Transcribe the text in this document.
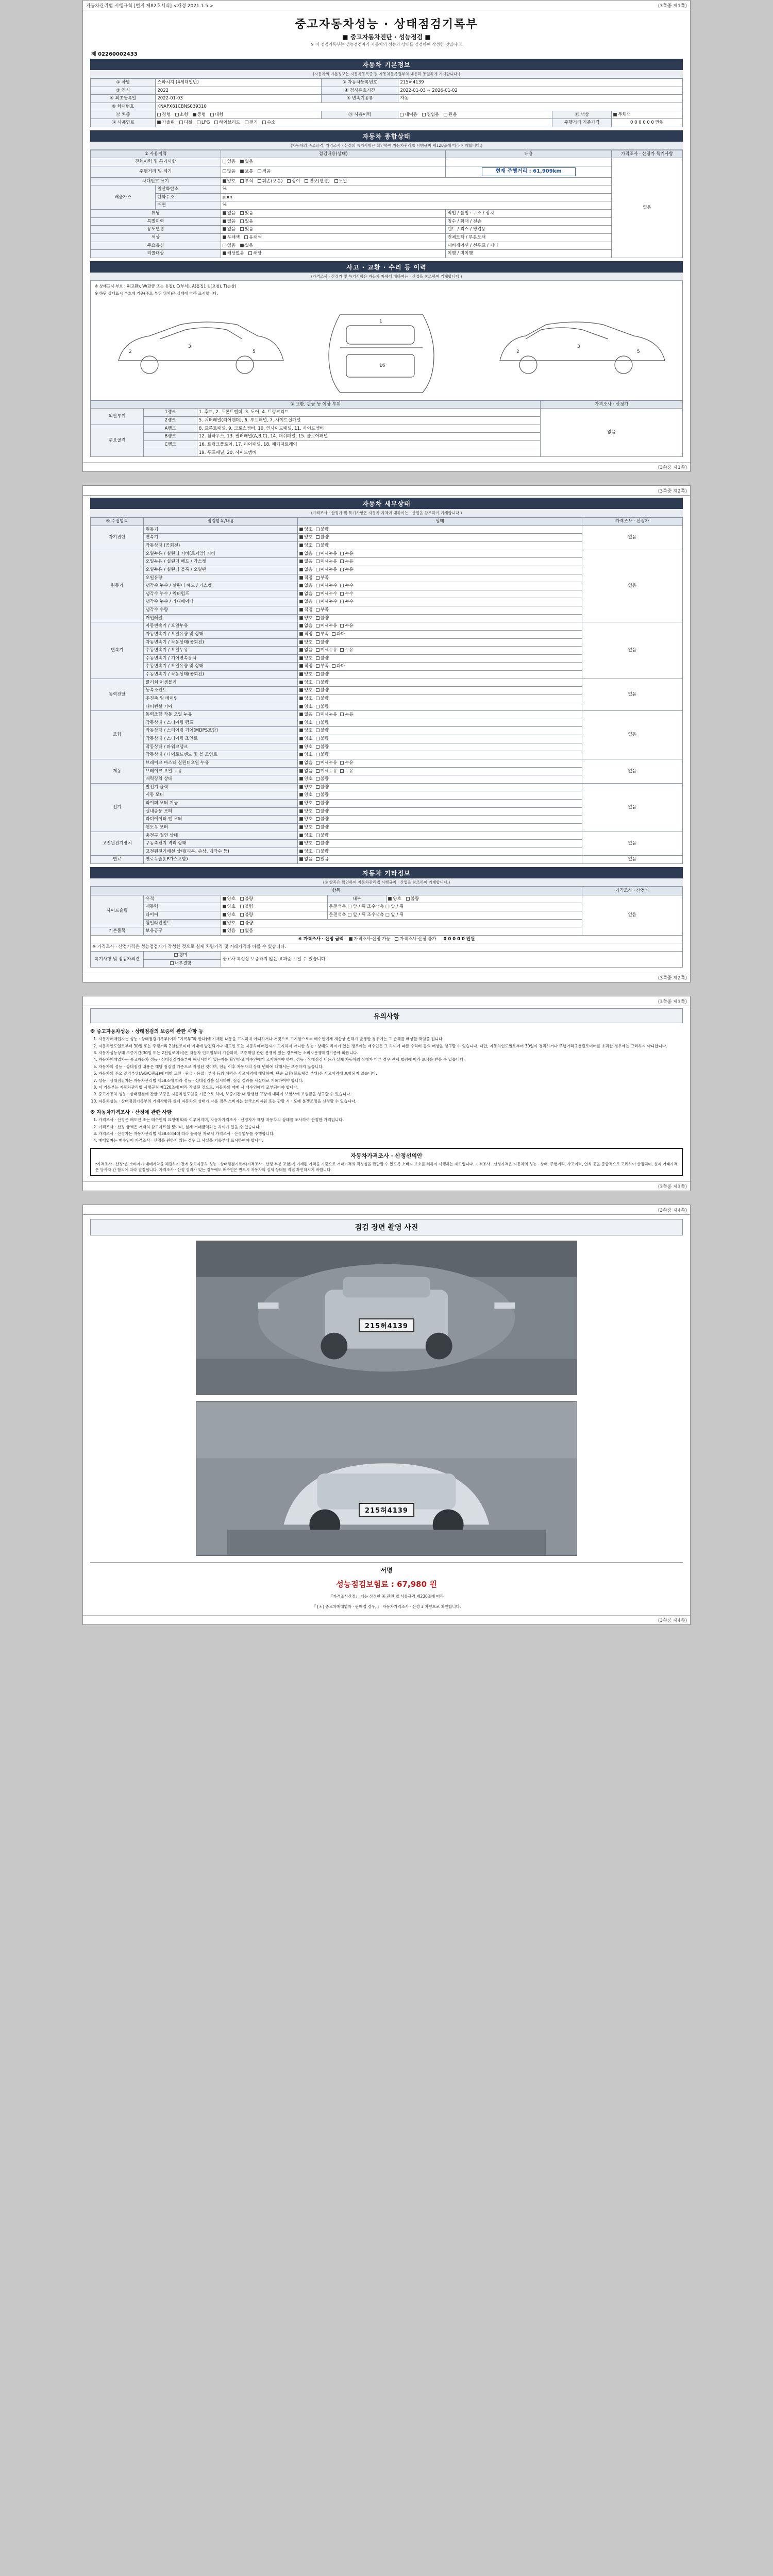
자동차관리법 시행규칙 [별지 제82호서식] <개정 2021.1.5.>	(3쪽중 제1쪽)
중고자동차성능 · 상태점검기록부
■ 중고자동차진단 · 성능점검 ■
※ 이 점검기록부는 성능점검자가 자동차의 성능과 상태를 점검하여 작성한 것입니다.
제 02260002433
자동차 기본정보
(자동차의 기본정보는 자동차등록증 및 자동차등록원부의 내용과 동일하게 기재합니다.)
① 차명	스파치지 (4세대일반)	② 자동차등록번호	215허4139		
③ 연식	2022	④ 검사유효기간	2022-01-03 ~ 2026-01-02		
⑤ 최초등록일	2022-01-03	⑥ 변속기종류	자동		
⑧ 차대번호	KNAPX81CBNS039310				
⑫ 차종	경형 소형 중형 대형	⑬ 사용이력	대여용 영업용 관용	⑮ 색상	무채색
⑭ 사용연료	가솔린 디젤 LPG 하이브리드 전기 수소			주행거리 기준가격	0 0 0 0 0 0 만원
자동차 종합상태
(자동차의 주요골격, 가격조사 · 산정의 특기사항은 확인하여 자동차관리법 시행규칙 제120조에 따라 기재합니다.)
① 사용이력		점검내용(상태)	내용	가격조사 · 산정가 특기사항
전체이력 및 특기사항		있음 없음		없음
주행거리 및 계기		많음 보통 적음	현재 주행거리 : 61,909km	
차대번호 표기		양호 부식 훼손(오손) 상이 변조(변경) 도말		
배출가스	일산화탄소	%		
	탄화수소	ppm		
	매연	%		
튜닝		없음 있음	적법 / 불법 · 구조 / 장치	
특별이력		없음 있음	침수 / 화재 / 전손	
용도변경		없음 있음	렌트 / 리스 / 영업용	
색상		무채색 유채색	전체도색 / 부분도색	
주요옵션		없음 있음	내비게이션 / 선루프 / 기타	
리콜대상		해당없음 해당	이행 / 미이행	
사고 · 교환 · 수리 등 이력
(가격조사 · 산정가 및 특기사항은 자동차 자체에 대하여는 · 산업을 참조하여 기재합니다.)
※ 상태표시 부호 : X(교환), W(판금 또는 용접), C(부식), A(흠집), U(요철), T(손상)
※ 하단 상태표시 부호에 기준(주요 부위 위치)은 상태에 따라 표시합니다.
2
3
5
1
16
2
3
5
① 교환, 판금 등 이상 부위			가격조사 · 산정가
외판부위	1랭크	1. 후드, 2. 프론트펜더, 3. 도어, 4. 트렁크리드	없음
	2랭크	5. 쿼터패널(리어펜더), 6. 루프패널, 7. 사이드실패널	
주요골격	A랭크	8. 프론트패널, 9. 크로스멤버, 10. 인사이드패널, 11. 사이드멤버	
	B랭크	12. 휠하우스, 13. 필러패널(A,B,C), 14. 대쉬패널, 15. 플로어패널	
	C랭크	16. 트렁크플로어, 17. 리어패널, 18. 패키지트레이	
		19. 루프패널, 20. 사이드멤버	
(3쪽중 제1쪽)
(3쪽중 제2쪽)
자동차 세부상태
(가격조사 · 산정가 및 특기사항은 자동차 자체에 대하여는 · 산업을 참조하여 기재합니다.)
④ 수집항목	점검항목/내용	상태	가격조사 · 산정가
자기진단	원동기	양호 불량	없음
	변속기	양호 불량	
	작동상태 (공회전)	양호 불량	
원동기	오일누유 / 실린더 커버(로커암) 커버	없음 미세누유 누유	없음
	오일누유 / 실린더 헤드 / 가스켓	없음 미세누유 누유	
	오일누유 / 실린더 블록 / 오일팬	없음 미세누유 누유	
	오일유량	적정 부족	
	냉각수 누수 / 실린더 헤드 / 가스켓	없음 미세누수 누수	
	냉각수 누수 / 워터펌프	없음 미세누수 누수	
	냉각수 누수 / 라디에이터	없음 미세누수 누수	
	냉각수 수량	적정 부족	
	커먼레일	양호 불량	
변속기	자동변속기 / 오일누유	없음 미세누유 누유	없음
	자동변속기 / 오일유량 및 상태	적정 부족 과다	
	자동변속기 / 작동상태(공회전)	양호 불량	
	수동변속기 / 오일누유	없음 미세누유 누유	
	수동변속기 / 기어변속장치	양호 불량	
	수동변속기 / 오일유량 및 상태	적정 부족 과다	
	수동변속기 / 작동상태(공회전)	양호 불량	
동력전달	클러치 어셈블리	양호 불량	없음
	등속조인트	양호 불량	
	추진축 및 베어링	양호 불량	
	디퍼렌셜 기어	양호 불량	
조향	동력조향 작동 오일 누유	없음 미세누유 누유	없음
	작동상태 / 스티어링 펌프	양호 불량	
	작동상태 / 스티어링 기어(MDPS포함)	양호 불량	
	작동상태 / 스티어링 조인트	양호 불량	
	작동상태 / 파워크랭크	양호 불량	
	작동상태 / 타이로드엔드 및 볼 조인트	양호 불량	
제동	브레이크 마스터 실린더오일 누유	없음 미세누유 누유	없음
	브레이크 오일 누유	없음 미세누유 누유	
	배력장치 상태	양호 불량	
전기	발전기 출력	양호 불량	없음
	시동 모터	양호 불량	
	와이퍼 모터 기능	양호 불량	
	실내송풍 모터	양호 불량	
	라디에이터 팬 모터	양호 불량	
	윈도우 모터	양호 불량	
고전원전기장치	충전구 절연 상태	양호 불량	없음
	구동축전지 격리 상태	양호 불량	
	고전원전기배선 상태(피복, 손상, 냉각수 등)	양호 불량	
연료	연료누출(LP가스포함)	없음 있음	없음
자동차 기타정보
(① 항목은 확인하여 자동차관리법 시행규칙 · 산업을 참조하여 기재합니다.)
항목					가격조사 · 산정가
사이드슬립	유격	양호 불량	내부	양호 불량	없음
	제동력	양호 불량	운전석측 □ 앞 / 뒤 조수석측 □ 앞 / 뒤		
	타이어	양호 불량	운전석측 □ 앞 / 뒤 조수석측 □ 앞 / 뒤		
	휠얼라인먼트	양호 불량			
기본품목	보유공구	있음 없음			
⑥ 가격조사 · 산정 금액 가격조사·산정 가능 가격조사·산정 불가 0 0 0 0 0 만원					
※ 가격조사 · 산정가격은 성능점검자가 작성한 것으로 실제 차량가격 및 거래가격과 다를 수 있습니다.					
특기사항 및 점검자의견	경미	중고차 특성상 보증하지 않는 요파준 보일 수 있습니다.			
	내부결함				
(3쪽중 제2쪽)
(3쪽중 제3쪽)
유의사항
※ 중고자동차성능 · 상태점검의 보증에 관한 사항 등
1. 자동차매매업자는 성능 · 상태점검기록부(이하 "기록부"라 한다)에 기재된 내용을 고지하지 아니하거나 거짓으로 고지함으로써 매수인에게 재산상 손해가 발생한 경우에는 그 손해를 배상할 책임을 집니다.
2. 자동차인도일로부터 30일 또는 주행거리 2천킬로미터 이내에 발견되거나 매도인 또는 자동차매매업자가 고지하지 아니한 성능 · 상태의 차이가 있는 경우에는 매수인은 그 차이에 따른 수리비 등의 배상을 청구할 수 있습니다. 다만, 자동차인도일로부터 30일이 경과하거나 주행거리 2천킬로미터를 초과한 경우에는 그러하지 아니합니다.
3. 자동차성능상태 보증기간(30일 또는 2천킬로미터)은 자동차 인도일부터 기산하며, 보증책임 관련 분쟁이 있는 경우에는 소비자분쟁해결기준에 따릅니다.
4. 자동차매매업자는 중고자동차 성능 · 상태점검기록부에 해당사항이 있는지를 확인하고 매수인에게 고지하여야 하며, 성능 · 상태점검 내용과 실제 자동차의 상태가 다른 경우 관계 법령에 따라 보상을 받을 수 있습니다.
5. 자동차의 성능 · 상태점검 내용은 해당 점검일 기준으로 작성된 것이며, 점검 이후 자동차의 상태 변화에 대해서는 보증하지 않습니다.
6. 자동차의 주요 골격부위(A/B/C랭크)에 대한 교환 · 판금 · 용접 · 부식 등의 이력은 사고이력에 해당하며, 단순 교환(볼트체결 부위)은 사고이력에 포함되지 않습니다.
7. 성능 · 상태점검자는 자동차관리법 제58조에 따라 성능 · 상태점검을 실시하며, 점검 결과를 사실대로 기록하여야 합니다.
8. 이 기록부는 자동차관리법 시행규칙 제120조에 따라 작성된 것으로, 자동차의 매매 시 매수인에게 교부되어야 합니다.
9. 중고자동차 성능 · 상태점검에 관한 보증은 자동차인도일을 기준으로 하며, 보증기간 내 발생한 고장에 대하여 보험사에 보험금을 청구할 수 있습니다.
10. 자동차성능 · 상태점검기록부의 기재사항과 실제 자동차의 상태가 다를 경우 소비자는 한국소비자원 또는 관할 시 · 도에 분쟁조정을 신청할 수 있습니다.
※ 자동차가격조사 · 산정에 관한 사항
1. 가격조사 · 산정은 매도인 또는 매수인의 요청에 따라 이루어지며, 자동차가격조사 · 산정자가 해당 자동차의 상태를 조사하여 산정한 가격입니다.
2. 가격조사 · 산정 금액은 거래의 참고자료일 뿐이며, 실제 거래금액과는 차이가 있을 수 있습니다.
3. 가격조사 · 산정자는 자동차관리법 제58조의4에 따라 등록된 자로서 가격조사 · 산정업무를 수행합니다.
4. 매매업자는 매수인이 가격조사 · 산정을 원하지 않는 경우 그 사실을 기록부에 표시하여야 합니다.
자동차가격조사 · 산정선의안
"가격조사 · 산정"은 소비자가 매매계약을 체결하기 전에 중고자동차 성능 · 상태점검기록부(가격조사 · 산정 부분 포함)에 기재된 가격을 기준으로 거래가격의 적정성을 판단할 수 있도록 소비자 보호를 위하여 시행하는 제도입니다. 가격조사 · 산정가격은 자동차의 성능 · 상태, 주행거리, 사고이력, 연식 등을 종합적으로 고려하여 산정되며, 실제 거래가격은 당사자 간 합의에 따라 결정됩니다. 가격조사 · 산정 결과가 있는 경우에도 매수인은 반드시 자동차의 실제 상태를 직접 확인하시기 바랍니다.
(3쪽중 제3쪽)
(3쪽중 제4쪽)
점검 장면 촬영 사진
215허4139
215허4139
서명
성능점검보험료 : 67,980 원
『가격조사산정』 에는 산정한 중 관련 법 서류규격 제230조에 따라
『 [＊] 중고차매매업자 · 판매업 경우, 』 자동차가격조사 · 산정 3 차량으로 확인합니다.
(3쪽중 제4쪽)
